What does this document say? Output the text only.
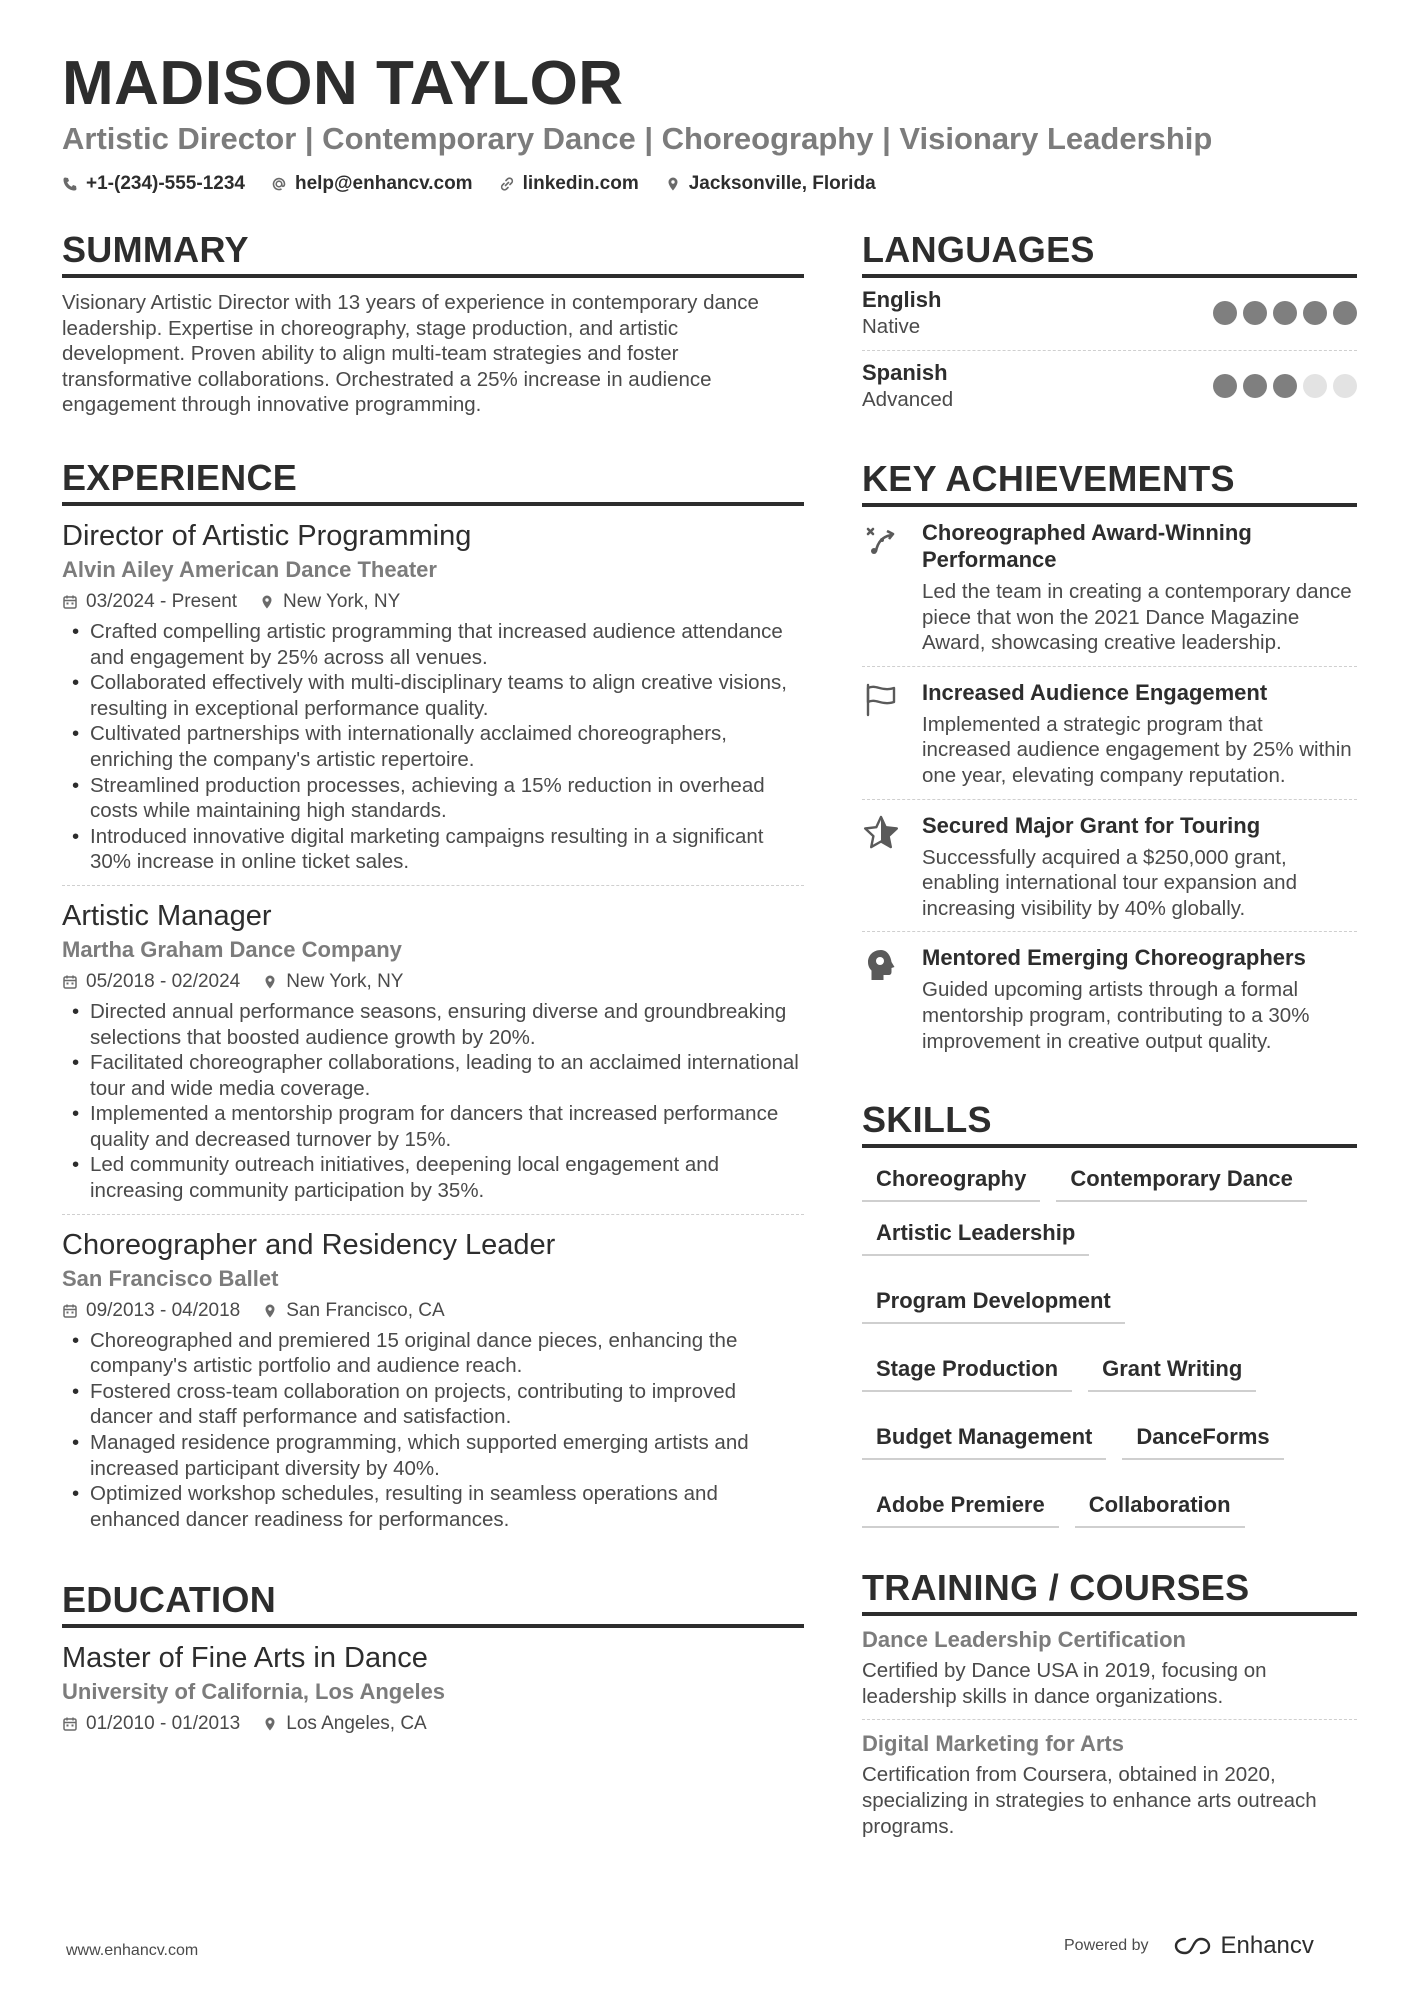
MADISON TAYLOR
Artistic Director | Contemporary Dance | Choreography | Visionary Leadership
+1-(234)-555-1234	help@enhancv.com	linkedin.com	Jacksonville, Florida
SUMMARY

Visionary Artistic Director with 13 years of experience in contemporary dance leadership. Expertise in choreography, stage production, and artistic development. Proven ability to align multi-team strategies and foster transformative collaborations. Orchestrated a 25% increase in audience engagement through innovative programming.

EXPERIENCE
Director of Artistic Programming
Alvin Ailey American Dance Theater
03/2024 - Present New York, NY
• Crafted compelling artistic programming that increased audience attendance and engagement by 25% across all venues.
• Collaborated effectively with multi-disciplinary teams to align creative visions, resulting in exceptional performance quality.
• Cultivated partnerships with internationally acclaimed choreographers, enriching the company's artistic repertoire.
• Streamlined production processes, achieving a 15% reduction in overhead costs while maintaining high standards.
• Introduced innovative digital marketing campaigns resulting in a significant 30% increase in online ticket sales.
Artistic Manager
Martha Graham Dance Company
05/2018 - 02/2024 New York, NY
• Directed annual performance seasons, ensuring diverse and groundbreaking selections that boosted audience growth by 20%.
• Facilitated choreographer collaborations, leading to an acclaimed international tour and wide media coverage.
• Implemented a mentorship program for dancers that increased performance quality and decreased turnover by 15%.
• Led community outreach initiatives, deepening local engagement and increasing community participation by 35%.
Choreographer and Residency Leader
San Francisco Ballet
09/2013 - 04/2018 San Francisco, CA
• Choreographed and premiered 15 original dance pieces, enhancing the company's artistic portfolio and audience reach.
• Fostered cross-team collaboration on projects, contributing to improved dancer and staff performance and satisfaction.
• Managed residence programming, which supported emerging artists and increased participant diversity by 40%.
• Optimized workshop schedules, resulting in seamless operations and enhanced dancer readiness for performances.
EDUCATION
Master of Fine Arts in Dance
University of California, Los Angeles
01/2010 - 01/2013 Los Angeles, CA
LANGUAGES
English
Native
Spanish
Advanced
KEY ACHIEVEMENTS
Choreographed Award-Winning Performance
Led the team in creating a contemporary dance piece that won the 2021 Dance Magazine Award, showcasing creative leadership.
Increased Audience Engagement
Implemented a strategic program that increased audience engagement by 25% within one year, elevating company reputation.
Secured Major Grant for Touring
Successfully acquired a $250,000 grant, enabling international tour expansion and increasing visibility by 40% globally.
Mentored Emerging Choreographers
Guided upcoming artists through a formal mentorship program, contributing to a 30% improvement in creative output quality.
SKILLS
Choreography	Contemporary Dance
Artistic Leadership
Program Development
Stage Production	Grant Writing
Budget Management	DanceForms
Adobe Premiere	Collaboration
TRAINING / COURSES
Dance Leadership Certification
Certified by Dance USA in 2019, focusing on leadership skills in dance organizations.
Digital Marketing for Arts
Certification from Coursera, obtained in 2020, specializing in strategies to enhance arts outreach programs.
www.enhancv.com	Powered by	Enhancv
